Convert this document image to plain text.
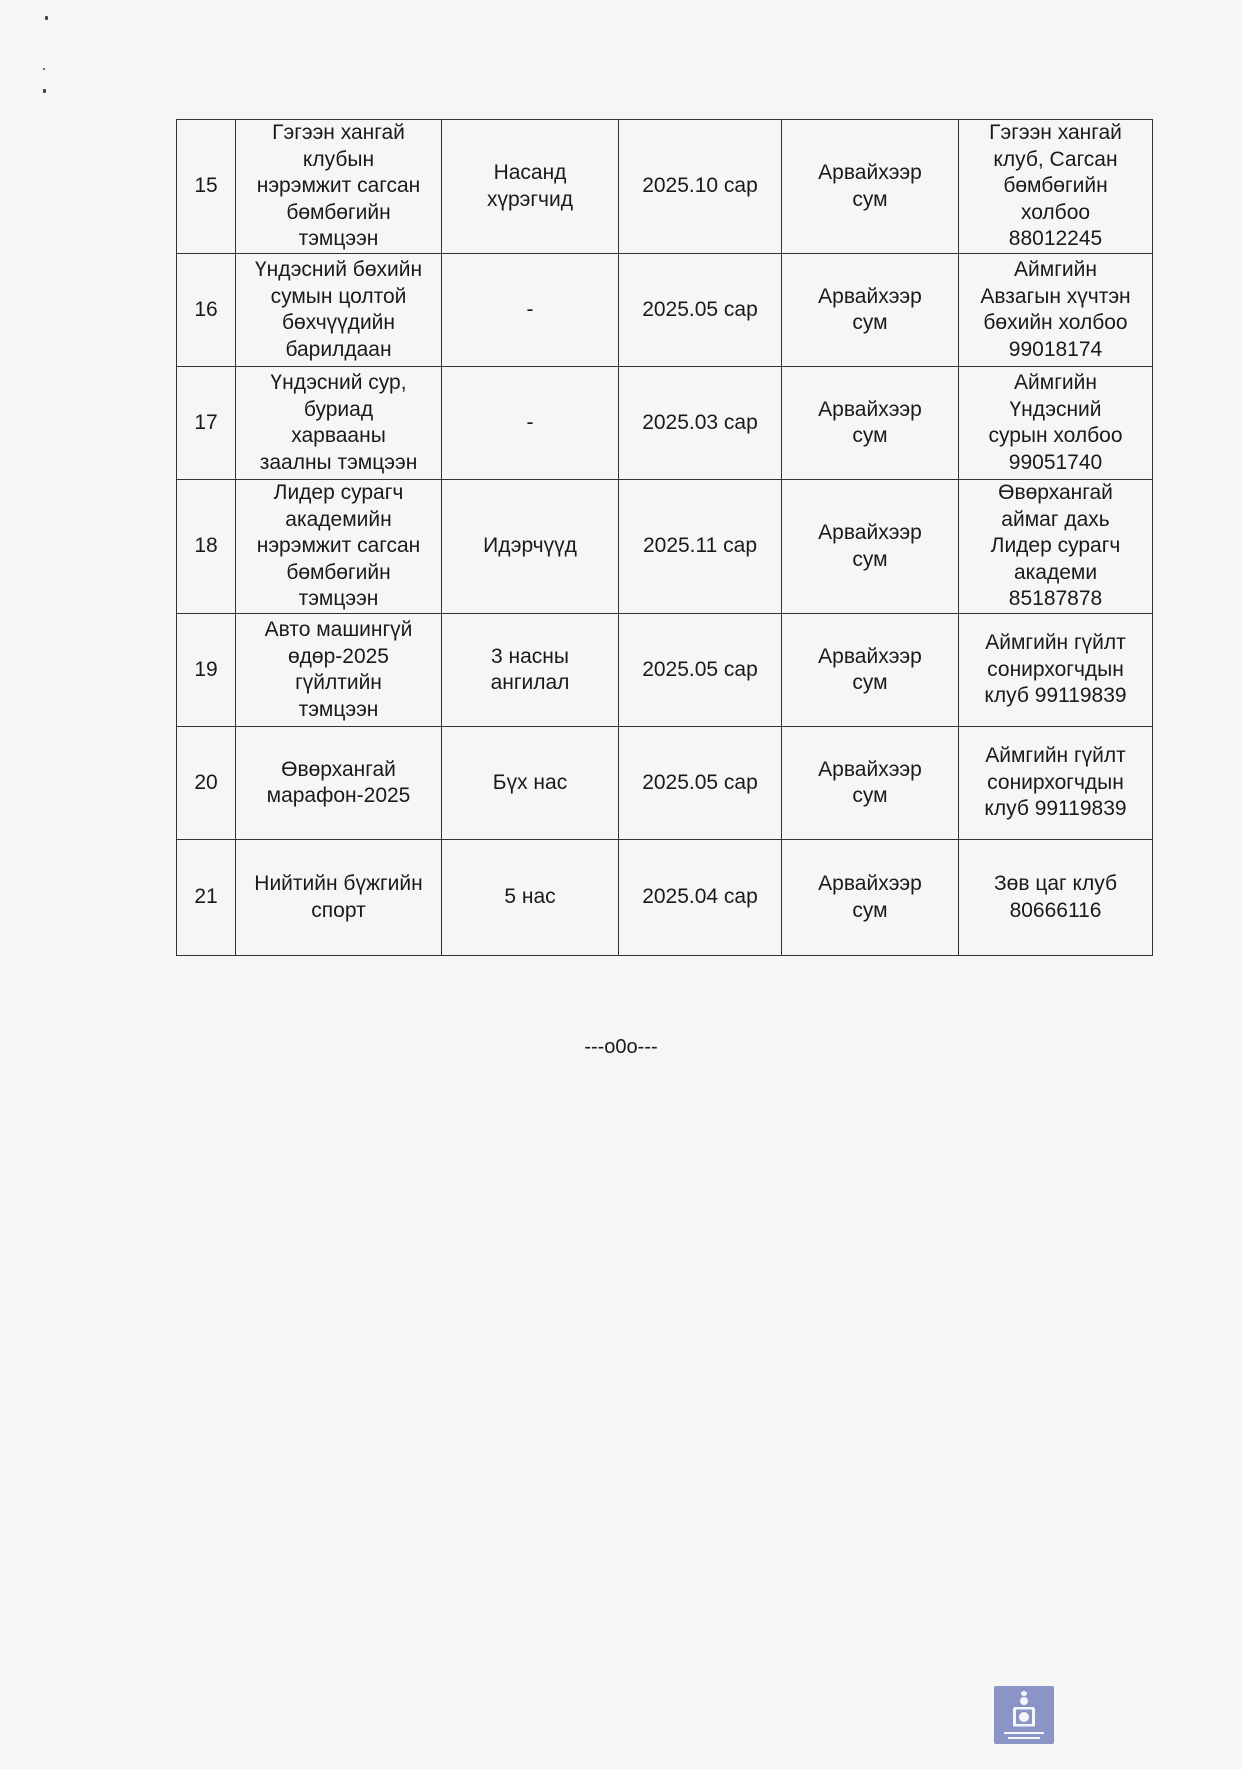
15	Гэгээн хангай
клубын
нэрэмжит сагсан
бөмбөгийн
тэмцээн	Насанд
хүрэгчид	2025.10 сар	Арвайхээр
сум	Гэгээн хангай
клуб, Сагсан
бөмбөгийн
холбоо
88012245
16	Үндэсний бөхийн
сумын цолтой
бөхчүүдийн
барилдаан	-	2025.05 сар	Арвайхээр
сум	Аймгийн
Авзагын хүчтэн
бөхийн холбоо
99018174
17	Үндэсний сур,
буриад
харвааны
заалны тэмцээн	-	2025.03 сар	Арвайхээр
сум	Аймгийн
Үндэсний
сурын холбоо
99051740
18	Лидер сурагч
академийн
нэрэмжит сагсан
бөмбөгийн
тэмцээн	Идэрчүүд	2025.11 сар	Арвайхээр
сум	Өвөрхангай
аймаг дахь
Лидер сурагч
академи
85187878
19	Авто машингүй
өдөр-2025
гүйлтийн
тэмцээн	3 насны
ангилал	2025.05 сар	Арвайхээр
сум	Аймгийн гүйлт
сонирхогчдын
клуб 99119839
20	Өвөрхангай
марафон-2025	Бүх нас	2025.05 сар	Арвайхээр
сум	Аймгийн гүйлт
сонирхогчдын
клуб 99119839
21	Нийтийн бүжгийн
спорт	5 нас	2025.04 сар	Арвайхээр
сум	Зөв цаг клуб
80666116
---o0o---
